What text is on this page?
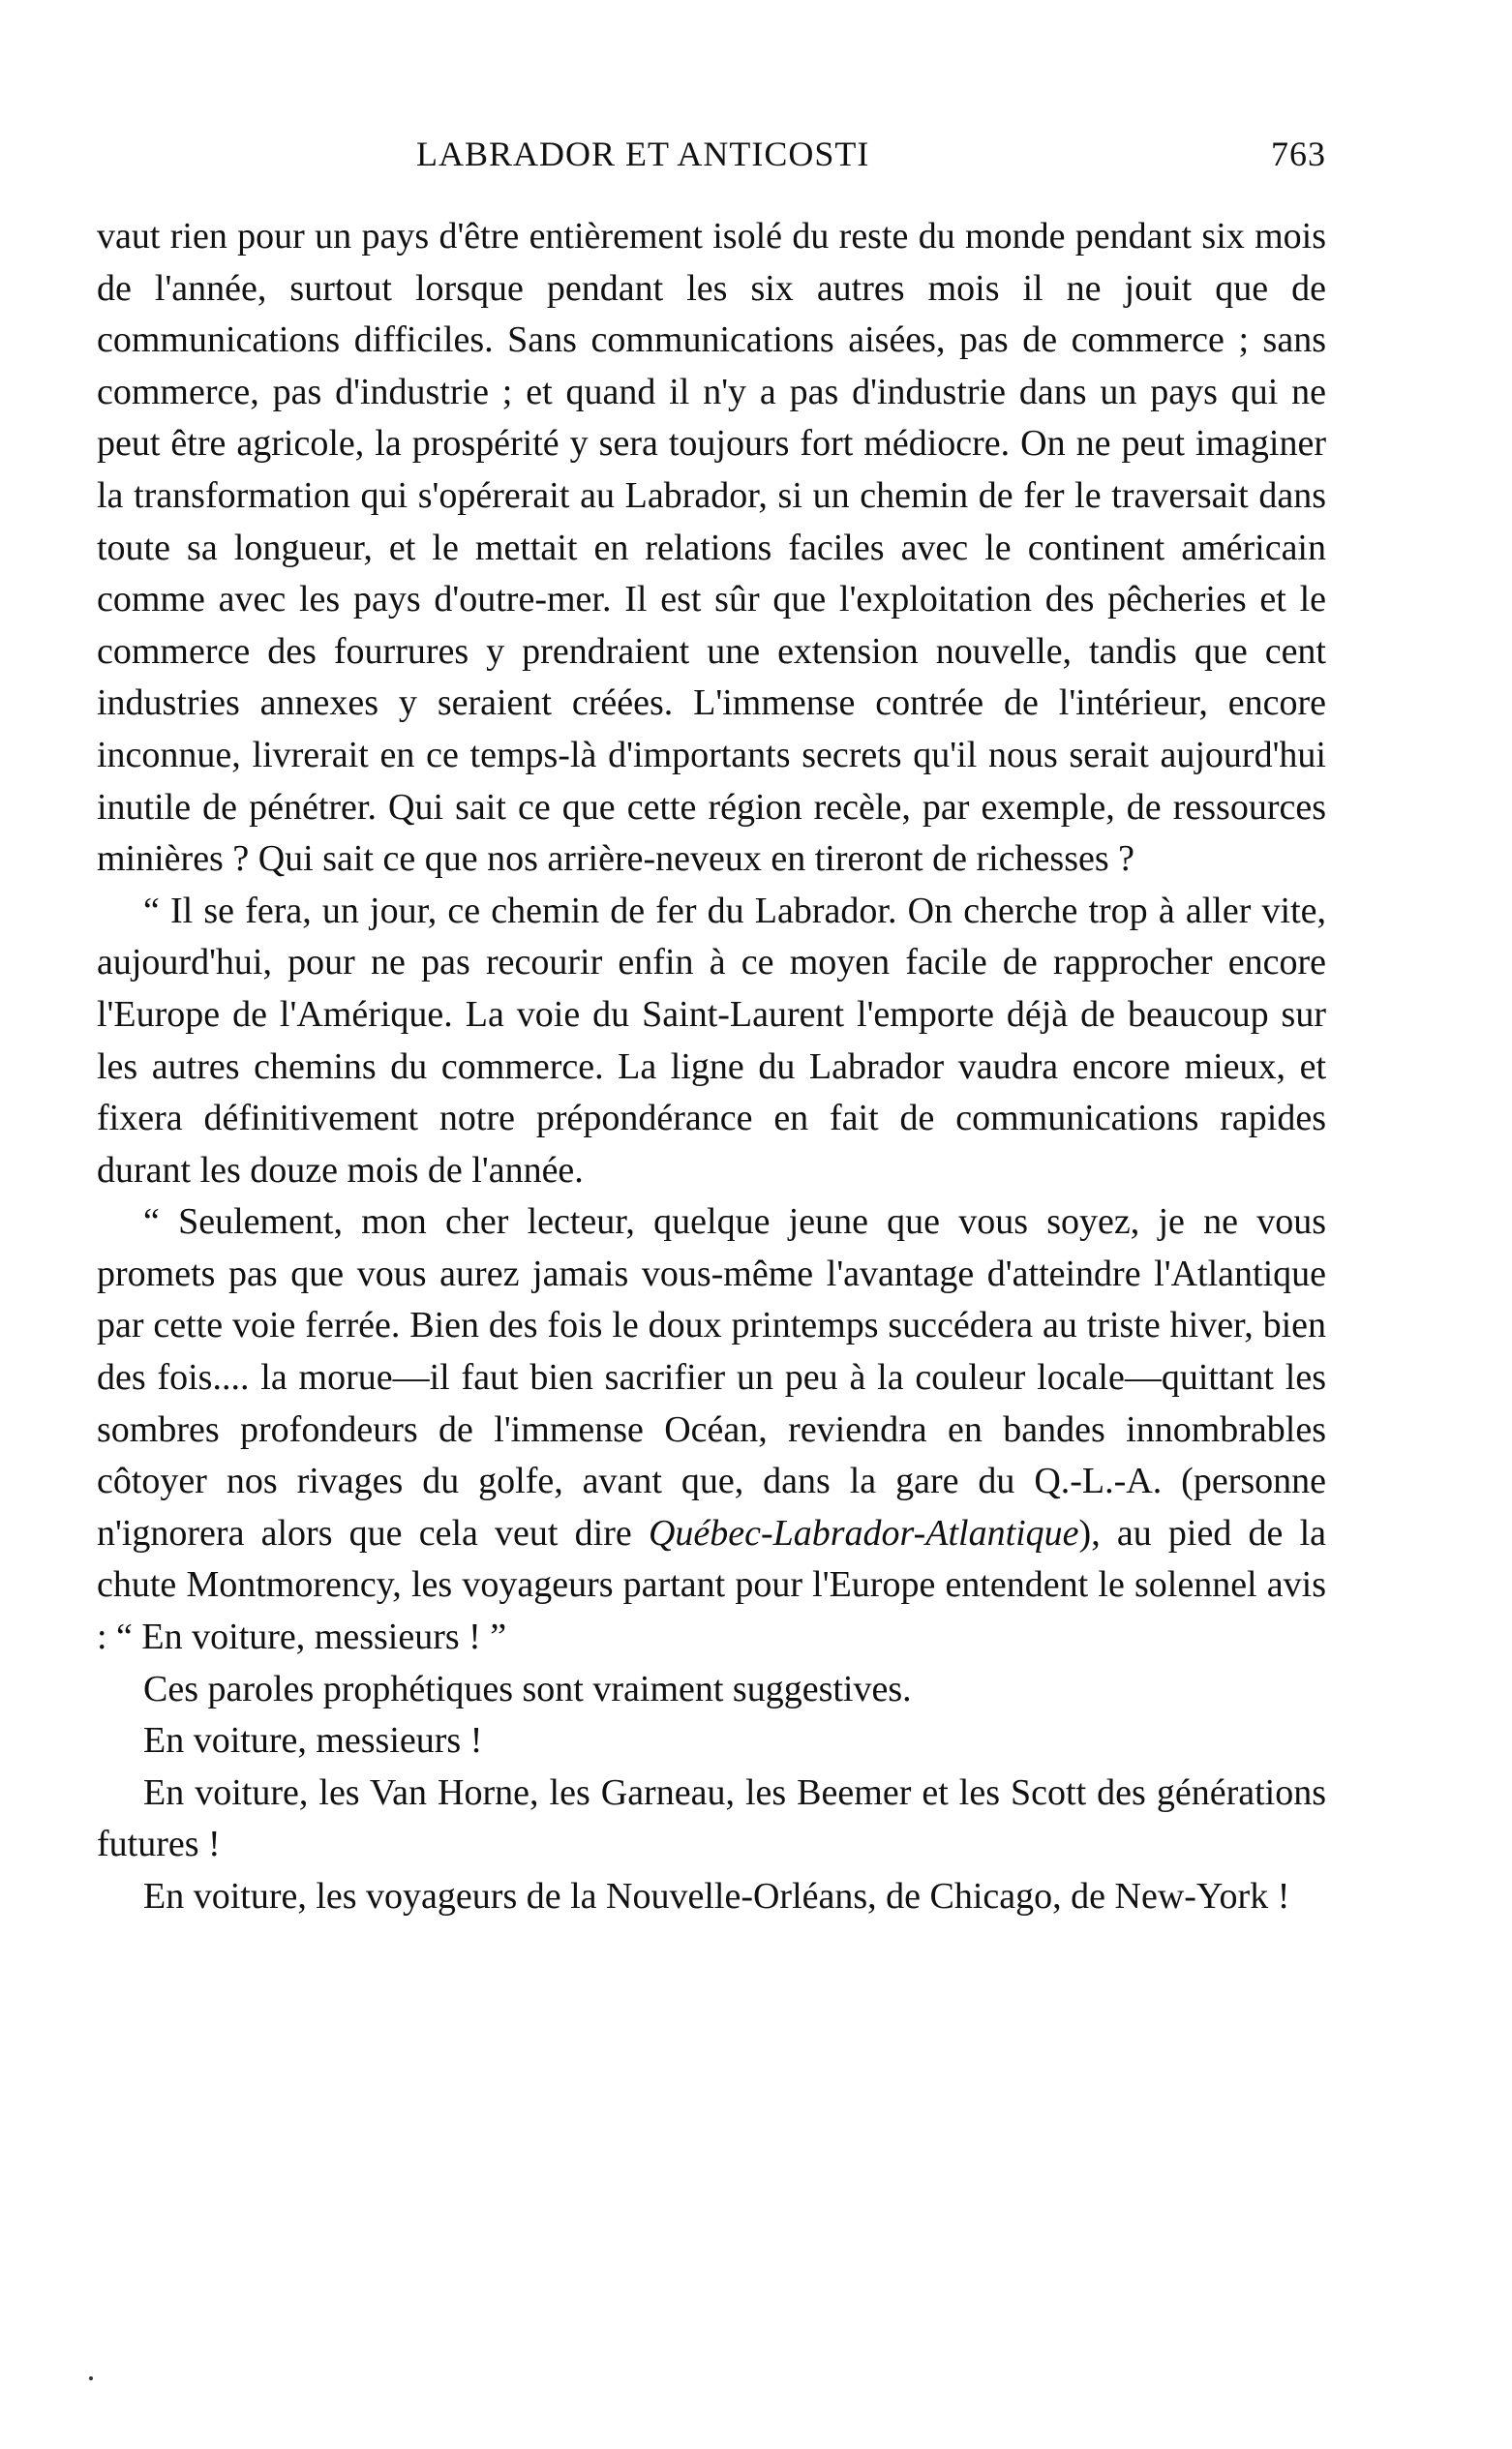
LABRADOR ET ANTICOSTI	763

vaut rien pour un pays d'être entièrement isolé du reste du monde pendant six mois de l'année, surtout lorsque pendant les six autres mois il ne jouit que de communications difficiles. Sans communications aisées, pas de commerce ; sans commerce, pas d'industrie ; et quand il n'y a pas d'industrie dans un pays qui ne peut être agricole, la prospérité y sera toujours fort médiocre. On ne peut imaginer la transformation qui s'opérerait au Labrador, si un chemin de fer le traversait dans toute sa longueur, et le mettait en relations faciles avec le continent américain comme avec les pays d'outre-mer. Il est sûr que l'exploitation des pêcheries et le commerce des fourrures y prendraient une extension nouvelle, tandis que cent industries annexes y seraient créées. L'immense contrée de l'intérieur, encore inconnue, livrerait en ce temps-là d'importants secrets qu'il nous serait aujourd'hui inutile de pénétrer. Qui sait ce que cette région recèle, par exemple, de ressources minières ? Qui sait ce que nos arrière-neveux en tireront de richesses ?

“ Il se fera, un jour, ce chemin de fer du Labrador. On cherche trop à aller vite, aujourd'hui, pour ne pas recourir enfin à ce moyen facile de rapprocher encore l'Europe de l'Amérique. La voie du Saint-Laurent l'emporte déjà de beaucoup sur les autres chemins du commerce. La ligne du Labrador vaudra encore mieux, et fixera définitivement notre prépondérance en fait de communications rapides durant les douze mois de l'année.

“ Seulement, mon cher lecteur, quelque jeune que vous soyez, je ne vous promets pas que vous aurez jamais vous-même l'avantage d'atteindre l'Atlantique par cette voie ferrée. Bien des fois le doux printemps succédera au triste hiver, bien des fois.... la morue—il faut bien sacrifier un peu à la couleur locale—quittant les sombres profondeurs de l'immense Océan, reviendra en bandes innombrables côtoyer nos rivages du golfe, avant que, dans la gare du Q.-L.-A. (personne n'ignorera alors que cela veut dire Québec-Labrador-Atlantique), au pied de la chute Montmorency, les voyageurs partant pour l'Europe entendent le solennel avis : “ En voiture, messieurs ! ”

Ces paroles prophétiques sont vraiment suggestives.

En voiture, messieurs !

En voiture, les Van Horne, les Garneau, les Beemer et les Scott des générations futures !

En voiture, les voyageurs de la Nouvelle-Orléans, de Chicago, de New-York !
